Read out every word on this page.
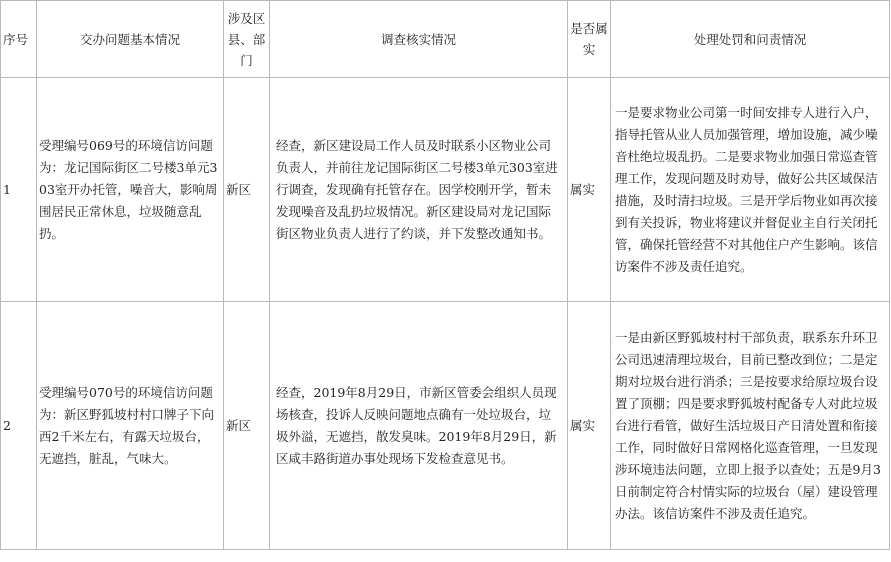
序号	交办问题基本情况	涉及区县、部门	调查核实情况	是否属实	处理处罚和问责情况
1	受理编号069号的环境信访问题为：龙记国际街区二号楼3单元303室开办托管，噪音大，影响周围居民正常休息，垃圾随意乱扔。	新区	经查，新区建设局工作人员及时联系小区物业公司负责人，并前往龙记国际街区二号楼3单元303室进行调查，发现确有托管存在。因学校刚开学，暂未发现噪音及乱扔垃圾情况。新区建设局对龙记国际街区物业负责人进行了约谈，并下发整改通知书。	属实	一是要求物业公司第一时间安排专人进行入户，指导托管从业人员加强管理，增加设施，减少噪音杜绝垃圾乱扔。二是要求物业加强日常巡查管理工作，发现问题及时劝导，做好公共区域保洁措施，及时清扫垃圾。三是开学后物业如再次接到有关投诉，物业将建议并督促业主自行关闭托管，确保托管经营不对其他住户产生影响。该信访案件不涉及责任追究。
2	受理编号070号的环境信访问题为：新区野狐坡村村口牌子下向西2千米左右，有露天垃圾台，无遮挡，脏乱，气味大。	新区	经查，2019年8月29日，市新区管委会组织人员现场核查，投诉人反映问题地点确有一处垃圾台，垃圾外溢，无遮挡，散发臭味。2019年8月29日，新区咸丰路街道办事处现场下发检查意见书。	属实	一是由新区野狐坡村村干部负责，联系东升环卫公司迅速清理垃圾台，目前已整改到位；二是定期对垃圾台进行消杀；三是按要求给原垃圾台设置了顶棚；四是要求野狐坡村配备专人对此垃圾台进行看管，做好生活垃圾日产日清处置和衔接工作，同时做好日常网格化巡查管理，一旦发现涉环境违法问题，立即上报予以查处；五是9月3日前制定符合村情实际的垃圾台（屋）建设管理办法。该信访案件不涉及责任追究。
